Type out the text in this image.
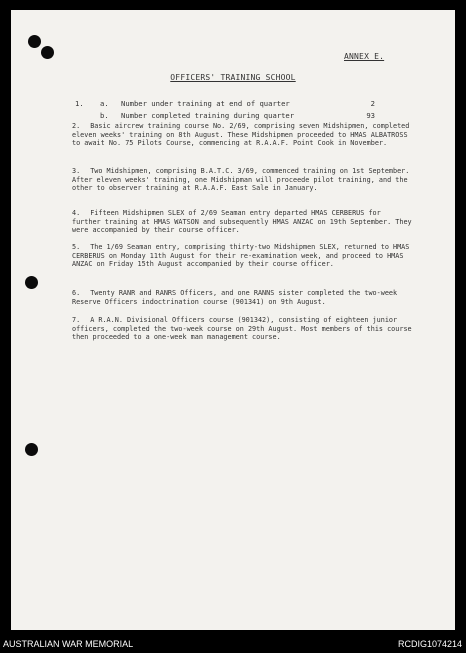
ANNEX E.
OFFICERS' TRAINING SCHOOL
1. a. Number under training at end of quarter	2
b. Number completed training during quarter	93
2. Basic aircrew training course No. 2/69, comprising seven Midshipmen, completed eleven weeks' training on 8th August. These Midshipmen proceeded to HMAS ALBATROSS to await No. 75 Pilots Course, commencing at R.A.A.F. Point Cook in November.
3. Two Midshipmen, comprising B.A.T.C. 3/69, commenced training on 1st September. After eleven weeks' training, one Midshipman will proceede pilot training, and the other to observer training at R.A.A.F. East Sale in January.
4. Fifteen Midshipmen SLEX of 2/69 Seaman entry departed HMAS CERBERUS for further training at HMAS WATSON and subsequently HMAS ANZAC on 19th September. They were accompanied by their course officer.
5. The 1/69 Seaman entry, comprising thirty-two Midshipmen SLEX, returned to HMAS CERBERUS on Monday 11th August for their re-examination week, and proceed to HMAS ANZAC on Friday 15th August accompanied by their course officer.
6. Twenty RANR and RANRS Officers, and one RANNS sister completed the two-week Reserve Officers indoctrination course (901341) on 9th August.
7. A R.A.N. Divisional Officers course (901342), consisting of eighteen junior officers, completed the two-week course on 29th August. Most members of this course then proceeded to a one-week man management course.
AUSTRALIAN WAR MEMORIAL	RCDIG1074214
